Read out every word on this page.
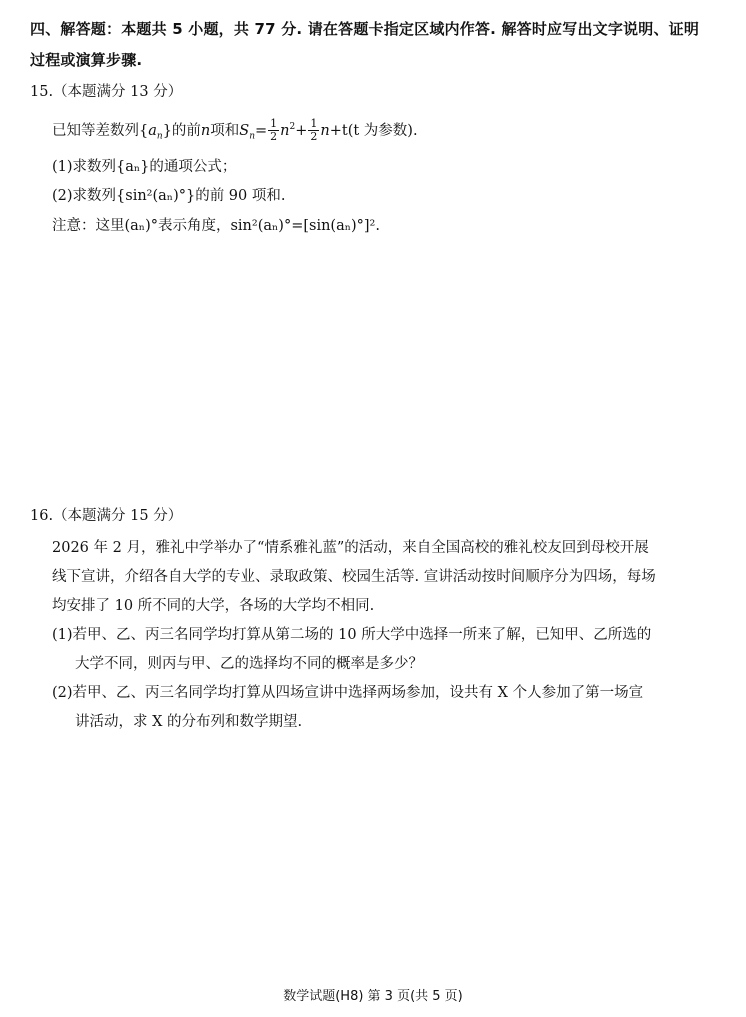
四、解答题：本题共 5 小题，共 77 分. 请在答题卡指定区域内作答. 解答时应写出文字说明、证明
过程或演算步骤.
15.（本题满分 13 分）
已知等差数列$\{a_n\}$的前n项和$S_n= \frac{1}{2} n^2+ \frac{1}{2} n+t(t$ 为参数).
(1)求数列{aₙ}的通项公式；
(2)求数列{sin²(aₙ)°}的前 90 项和.
注意：这里(aₙ)°表示角度，sin²(aₙ)°=[sin(aₙ)°]².
16.（本题满分 15 分）
2026 年 2 月，雅礼中学举办了“情系雅礼蓝”的活动，来自全国高校的雅礼校友回到母校开展
线下宣讲，介绍各自大学的专业、录取政策、校园生活等. 宣讲活动按时间顺序分为四场，每场
均安排了 10 所不同的大学，各场的大学均不相同.
(1)若甲、乙、丙三名同学均打算从第二场的 10 所大学中选择一所来了解，已知甲、乙所选的
大学不同，则丙与甲、乙的选择均不同的概率是多少？
(2)若甲、乙、丙三名同学均打算从四场宣讲中选择两场参加，设共有 X 个人参加了第一场宣
讲活动，求 X 的分布列和数学期望.
数学试题(H8) 第 3 页(共 5 页)
